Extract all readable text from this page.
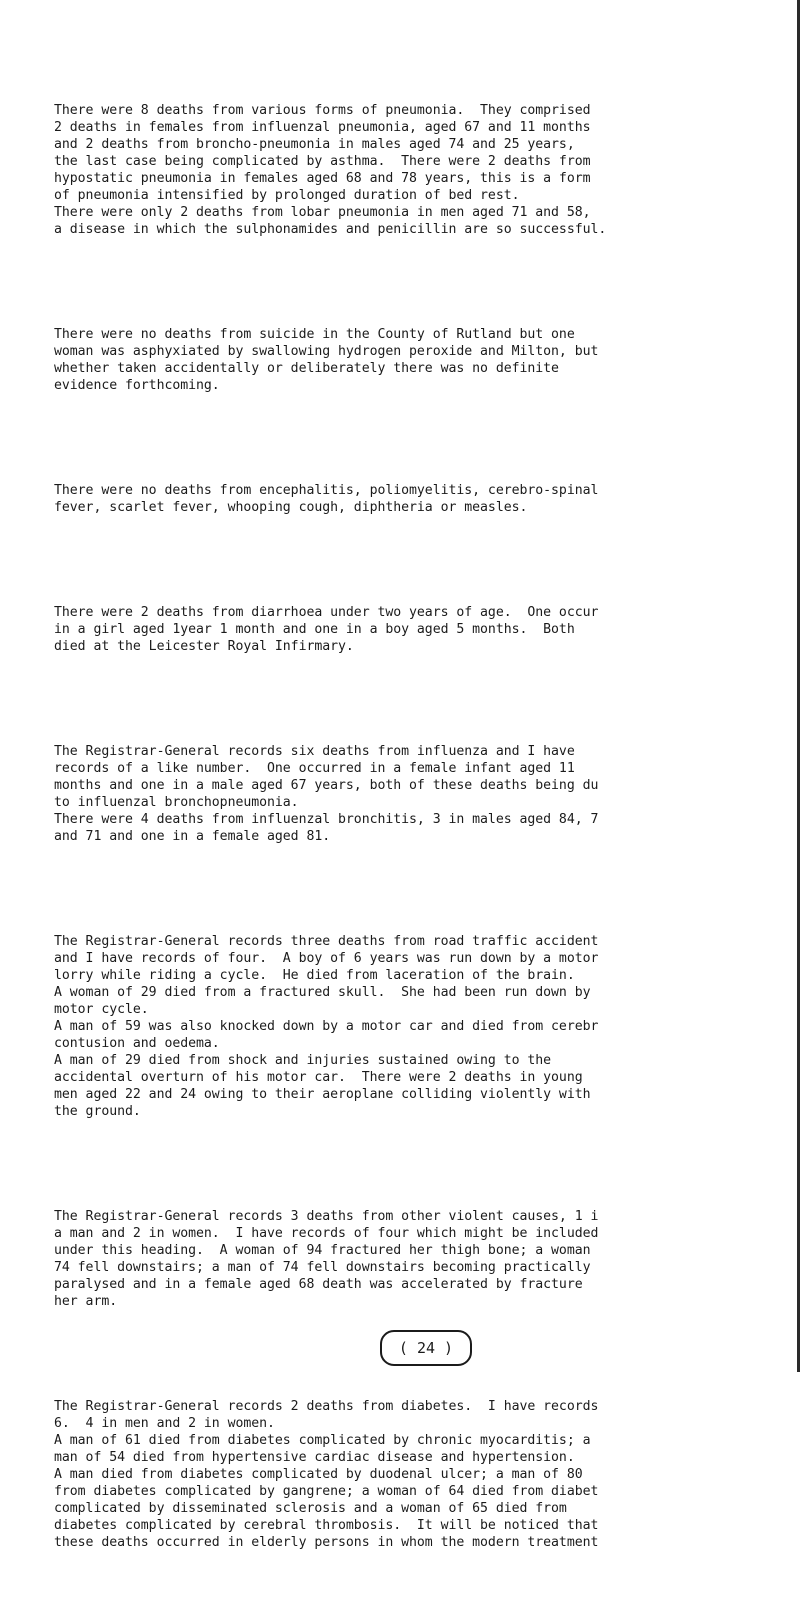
There were 8 deaths from various forms of pneumonia.  They comprised
2 deaths in females from influenzal pneumonia, aged 67 and 11 months
and 2 deaths from broncho-pneumonia in males aged 74 and 25 years,
the last case being complicated by asthma.  There were 2 deaths from
hypostatic pneumonia in females aged 68 and 78 years, this is a form
of pneumonia intensified by prolonged duration of bed rest.
There were only 2 deaths from lobar pneumonia in men aged 71 and 58,
a disease in which the sulphonamides and penicillin are so successful.

There were no deaths from suicide in the County of Rutland but one
woman was asphyxiated by swallowing hydrogen peroxide and Milton, but
whether taken accidentally or deliberately there was no definite
evidence forthcoming.

There were no deaths from encephalitis, poliomyelitis, cerebro-spinal
fever, scarlet fever, whooping cough, diphtheria or measles.

There were 2 deaths from diarrhoea under two years of age.  One occur
in a girl aged 1year 1 month and one in a boy aged 5 months.  Both
died at the Leicester Royal Infirmary.

The Registrar-General records six deaths from influenza and I have
records of a like number.  One occurred in a female infant aged 11
months and one in a male aged 67 years, both of these deaths being du
to influenzal bronchopneumonia.
There were 4 deaths from influenzal bronchitis, 3 in males aged 84, 7
and 71 and one in a female aged 81.

The Registrar-General records three deaths from road traffic accident
and I have records of four.  A boy of 6 years was run down by a motor
lorry while riding a cycle.  He died from laceration of the brain.
A woman of 29 died from a fractured skull.  She had been run down by
motor cycle.
A man of 59 was also knocked down by a motor car and died from cerebr
contusion and oedema.
A man of 29 died from shock and injuries sustained owing to the
accidental overturn of his motor car.  There were 2 deaths in young
men aged 22 and 24 owing to their aeroplane colliding violently with
the ground.

The Registrar-General records 3 deaths from other violent causes, 1 i
a man and 2 in women.  I have records of four which might be included
under this heading.  A woman of 94 fractured her thigh bone; a woman
74 fell downstairs; a man of 74 fell downstairs becoming practically
paralysed and in a female aged 68 death was accelerated by fracture
her arm.

The Registrar-General records 2 deaths from diabetes.  I have records
6.  4 in men and 2 in women.
A man of 61 died from diabetes complicated by chronic myocarditis; a
man of 54 died from hypertensive cardiac disease and hypertension.
A man died from diabetes complicated by duodenal ulcer; a man of 80
from diabetes complicated by gangrene; a woman of 64 died from diabet
complicated by disseminated sclerosis and a woman of 65 died from
diabetes complicated by cerebral thrombosis.  It will be noticed that
these deaths occurred in elderly persons in whom the modern treatment

( 24 )
